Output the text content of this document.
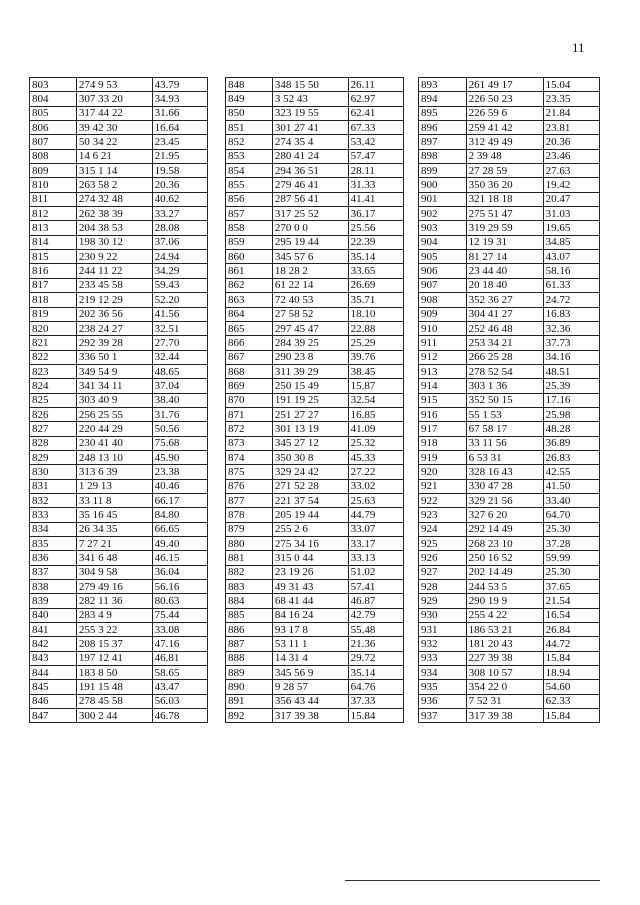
11
803	274 9 53	43.79
804	307 33 20	34.93
805	317 44 22	31.66
806	39 42 30	16.64
807	50 34 22	23.45
808	14 6 21	21.95
809	315 1 14	19.58
810	263 58 2	20.36
811	274 32 48	40.62
812	262 38 39	33.27
813	204 38 53	28.08
814	198 30 12	37.06
815	230 9 22	24.94
816	244 11 22	34.29
817	233 45 58	59.43
818	219 12 29	52.20
819	202 36 56	41.56
820	238 24 27	32.51
821	292 39 28	27.70
822	336 50 1	32.44
823	349 54 9	48.65
824	341 34 11	37.04
825	303 40 9	38.40
826	256 25 55	31.76
827	220 44 29	50.56
828	230 41 40	75.68
829	248 13 10	45.90
830	313 6 39	23.38
831	1 29 13	40.46
832	33 11 8	66.17
833	35 16 45	84.80
834	26 34 35	66.65
835	7 27 21	49.40
836	341 6 48	46.15
837	304 9 58	36.04
838	279 49 16	56.16
839	282 11 36	80.63
840	283 4 9	75.44
841	255 3 22	33.08
842	208 15 37	47.16
843	197 12 41	46.81
844	183 8 50	58.65
845	191 15 48	43.47
846	278 45 58	56.03
847	300 2 44	46.78
848	348 15 50	26.11
849	3 52 43	62.97
850	323 19 55	62.41
851	301 27 41	67.33
852	274 35 4	53.42
853	280 41 24	57.47
854	294 36 51	28.11
855	279 46 41	31.33
856	287 56 41	41.41
857	317 25 52	36.17
858	270 0 0	25.56
859	295 19 44	22.39
860	345 57 6	35.14
861	18 28 2	33.65
862	61 22 14	26.69
863	72 40 53	35.71
864	27 58 52	18.10
865	297 45 47	22.88
866	284 39 25	25.29
867	290 23 8	39.76
868	311 39 29	38.45
869	250 15 49	15.87
870	191 19 25	32.54
871	251 27 27	16.85
872	301 13 19	41.09
873	345 27 12	25.32
874	350 30 8	45.33
875	329 24 42	27.22
876	271 52 28	33.02
877	221 37 54	25.63
878	205 19 44	44.79
879	255 2 6	33.07
880	275 34 16	33.17
881	315 0 44	33.13
882	23 19 26	51.02
883	49 31 43	57.41
884	68 41 44	46.87
885	84 16 24	42.79
886	93 17 8	55.48
887	53 11 1	21.36
888	14 31 4	29.72
889	345 56 9	35.14
890	9 28 57	64.76
891	356 43 44	37.33
892	317 39 38	15.84
893	261 49 17	15.04
894	226 50 23	23.35
895	226 59 6	21.84
896	259 41 42	23.81
897	312 49 49	20.36
898	2 39 48	23.46
899	27 28 59	27.63
900	350 36 20	19.42
901	321 18 18	20.47
902	275 51 47	31.03
903	319 29 59	19.65
904	12 19 31	34.85
905	81 27 14	43.07
906	23 44 40	58.16
907	20 18 40	61.33
908	352 36 27	24.72
909	304 41 27	16.83
910	252 46 48	32.36
911	253 34 21	37.73
912	266 25 28	34.16
913	278 52 54	48.51
914	303 1 36	25.39
915	352 50 15	17.16
916	55 1 53	25.98
917	67 58 17	48.28
918	33 11 56	36.89
919	6 53 31	26.83
920	328 16 43	42.55
921	330 47 28	41.50
922	329 21 56	33.40
923	327 6 20	64.70
924	292 14 49	25.30
925	268 23 10	37.28
926	250 16 52	59.99
927	202 14 49	25.30
928	244 53 5	37.65
929	290 19 9	21.54
930	255 4 22	16.54
931	186 53 21	26.84
932	181 20 43	44.72
933	227 39 38	15.84
934	308 10 57	18.94
935	354 22 0	54.60
936	7 52 31	62.33
937	317 39 38	15.84
